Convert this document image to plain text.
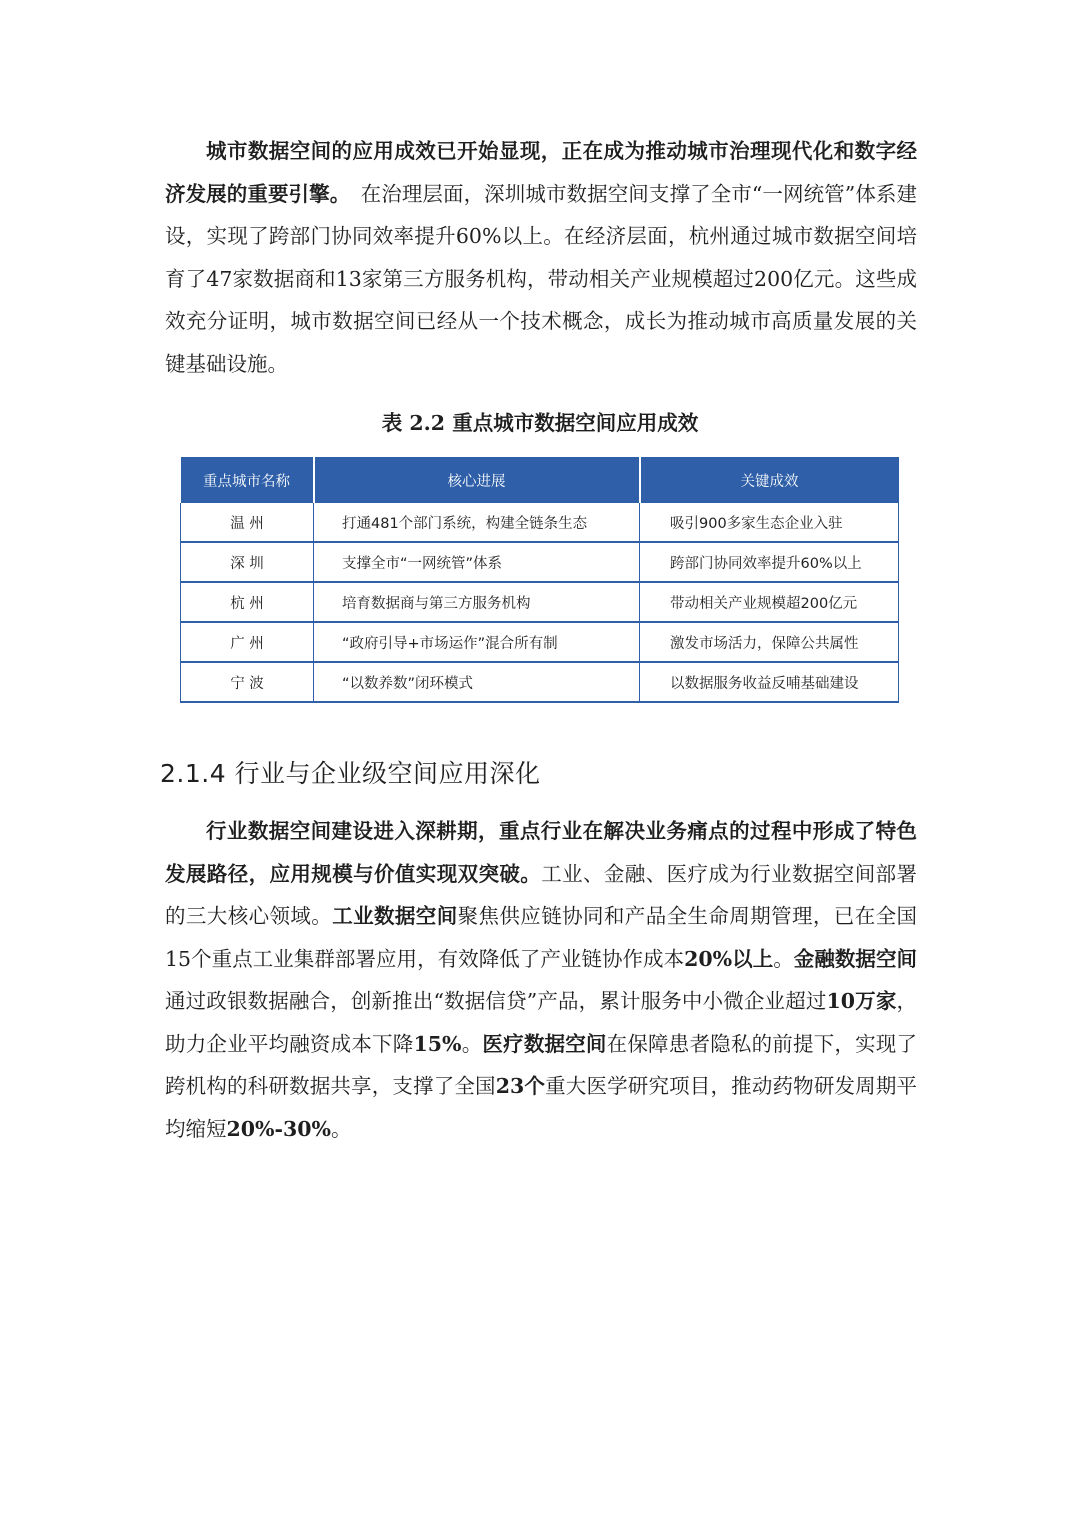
城市数据空间的应用成效已开始显现，正在成为推动城市治理现代化和数字经济发展的重要引擎。　在治理层面，深圳城市数据空间支撑了全市“一网统管”体系建设，实现了跨部门协同效率提升60%以上。在经济层面，杭州通过城市数据空间培育了47家数据商和13家第三方服务机构，带动相关产业规模超过200亿元。这些成效充分证明，城市数据空间已经从一个技术概念，成长为推动城市高质量发展的关键基础设施。

表 2.2 重点城市数据空间应用成效

重点城市名称	核心进展	关键成效
温 州	打通481个部门系统，构建全链条生态	吸引900多家生态企业入驻
深 圳	支撑全市“一网统管”体系	跨部门协同效率提升60%以上
杭 州	培育数据商与第三方服务机构	带动相关产业规模超200亿元
广 州	“政府引导+市场运作”混合所有制	激发市场活力，保障公共属性
宁 波	“以数养数”闭环模式	以数据服务收益反哺基础建设
2.1.4 行业与企业级空间应用深化

行业数据空间建设进入深耕期，重点行业在解决业务痛点的过程中形成了特色发展路径，应用规模与价值实现双突破。工业、金融、医疗成为行业数据空间部署的三大核心领域。工业数据空间聚焦供应链协同和产品全生命周期管理，已在全国15个重点工业集群部署应用，有效降低了产业链协作成本20%以上。金融数据空间通过政银数据融合，创新推出“数据信贷”产品，累计服务中小微企业超过10万家，助力企业平均融资成本下降15%。医疗数据空间在保障患者隐私的前提下，实现了跨机构的科研数据共享，支撑了全国23个重大医学研究项目，推动药物研发周期平均缩短20%-30%。
